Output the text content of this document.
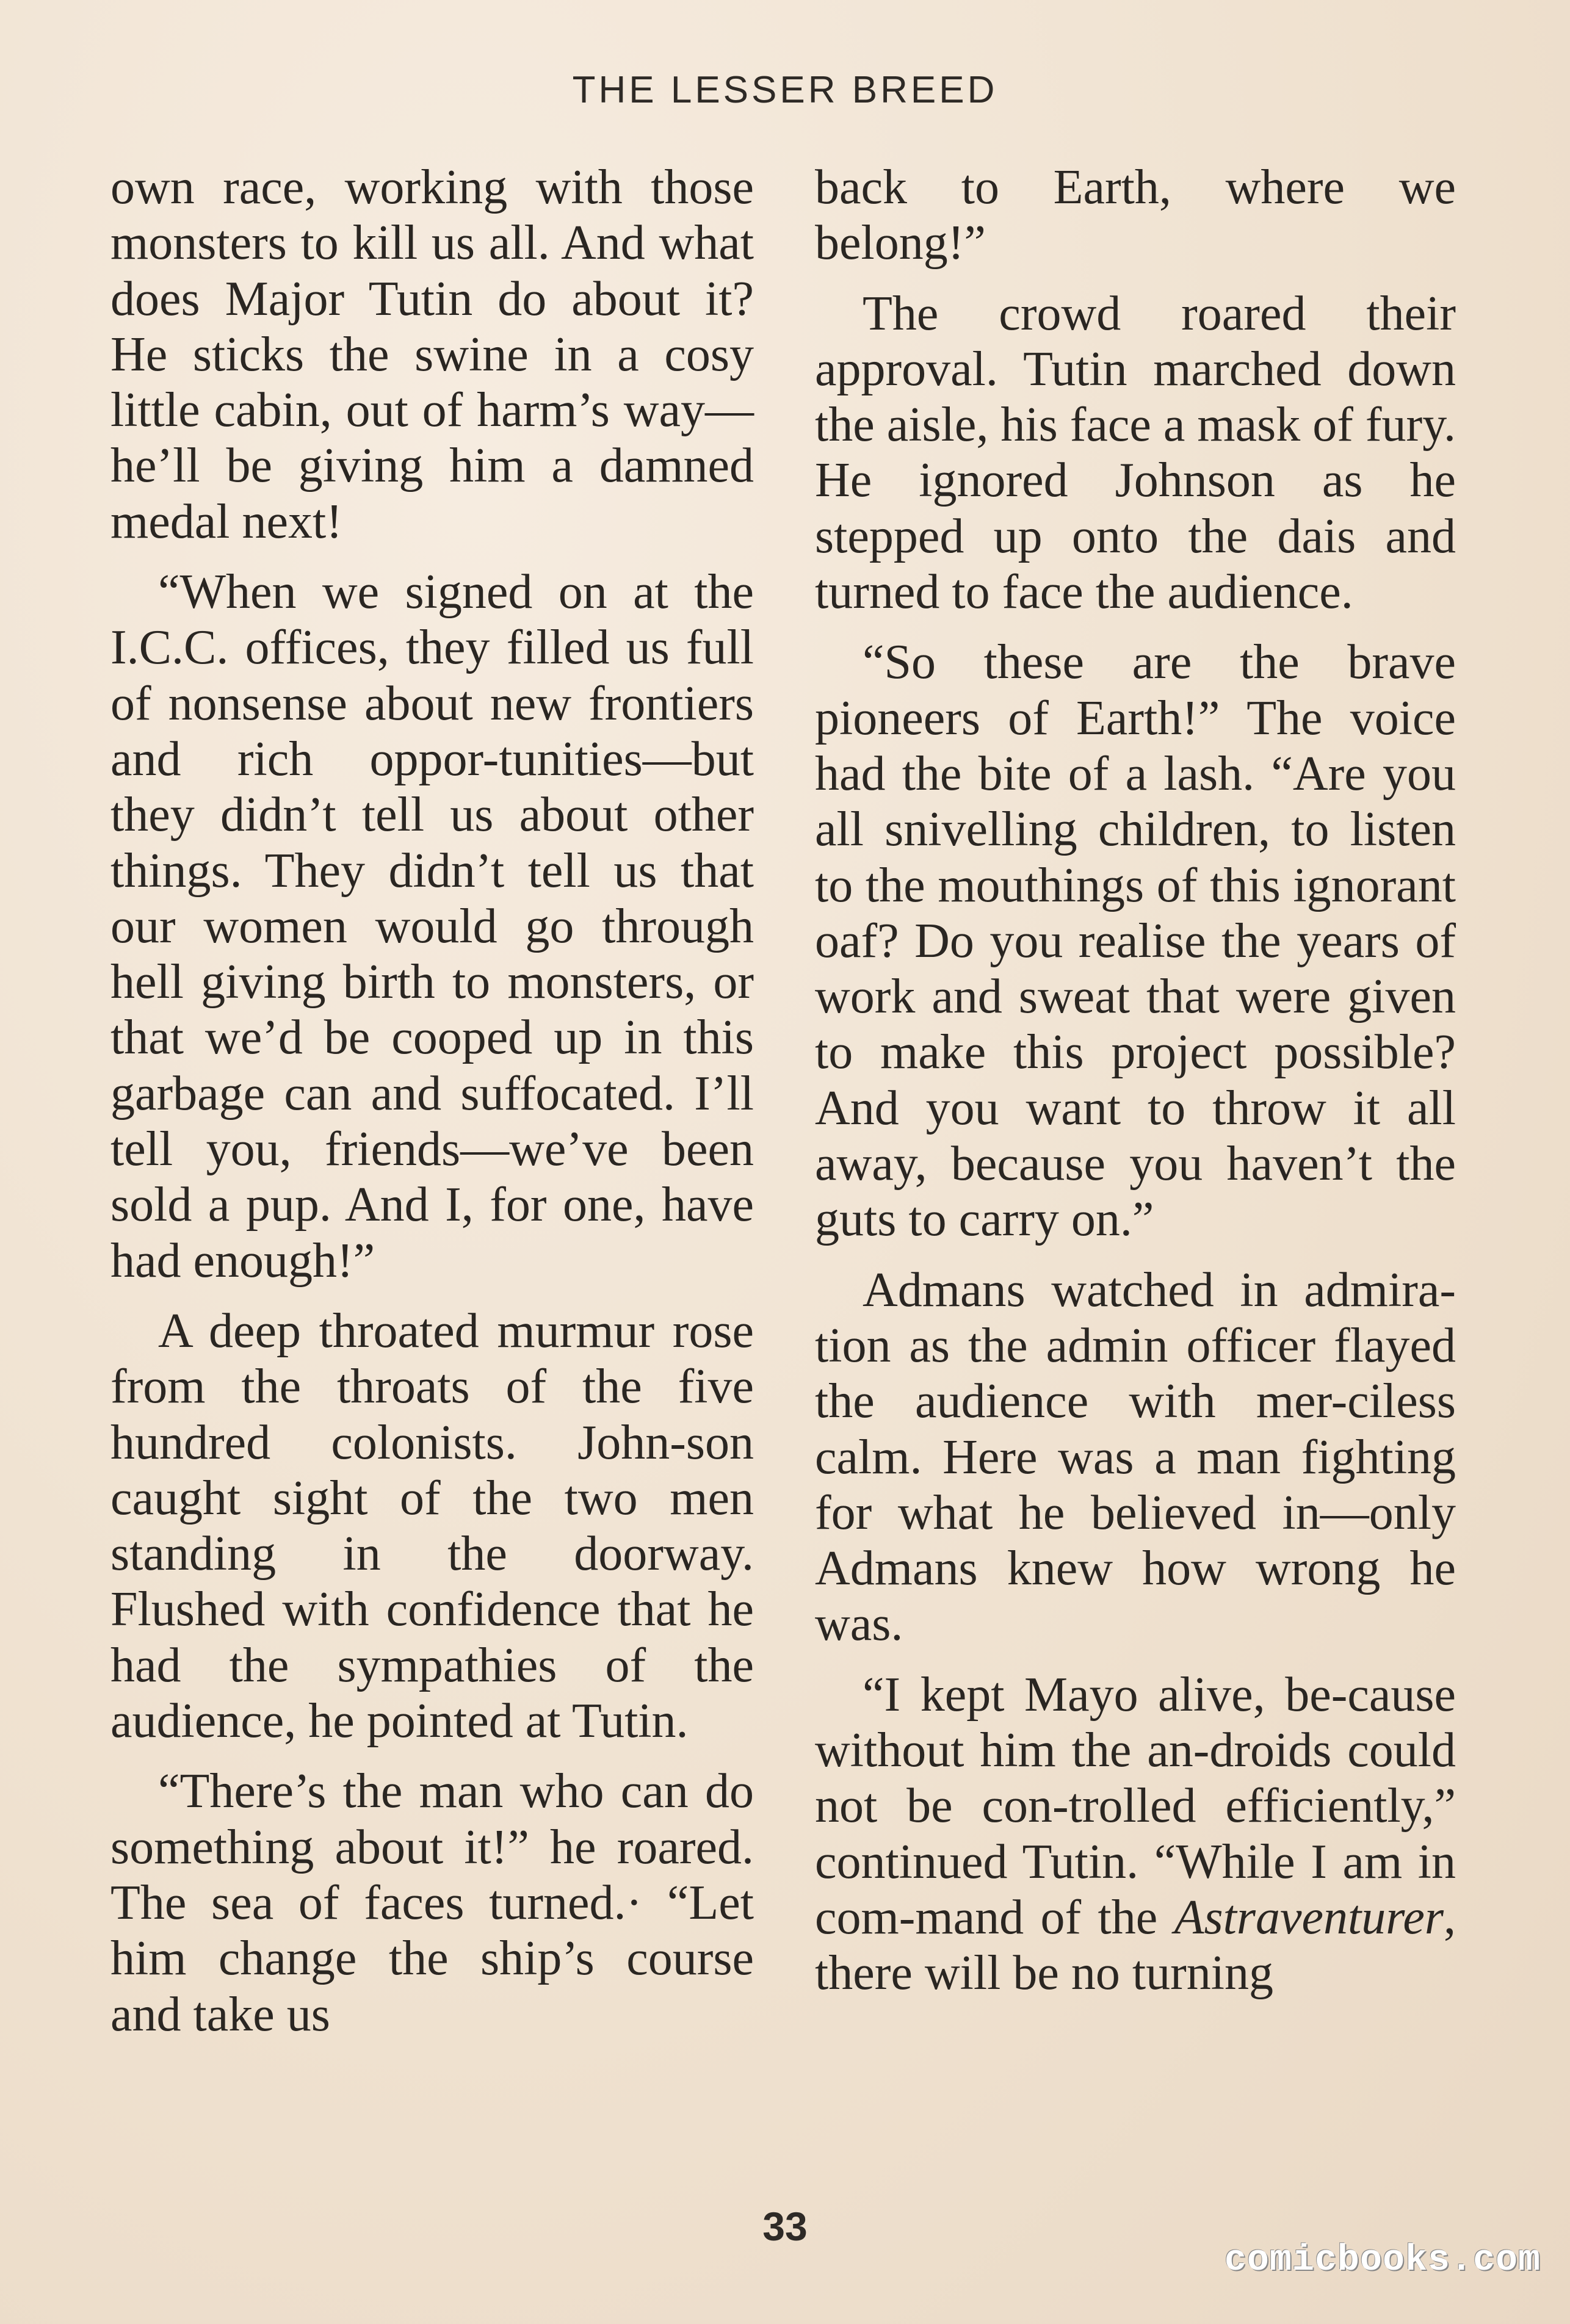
THE LESSER BREED

own race, working with those monsters to kill us all. And what does Major Tutin do about it? He sticks the swine in a cosy little cabin, out of harm’s way—he’ll be giving him a damned medal next!

“When we signed on at the I.C.C. offices, they filled us full of nonsense about new frontiers and rich oppor-tunities—but they didn’t tell us about other things. They didn’t tell us that our women would go through hell giving birth to monsters, or that we’d be cooped up in this garbage can and suffocated. I’ll tell you, friends—we’ve been sold a pup. And I, for one, have had enough!”

A deep throated murmur rose from the throats of the five hundred colonists. John-son caught sight of the two men standing in the doorway. Flushed with confidence that he had the sympathies of the audience, he pointed at Tutin.

“There’s the man who can do something about it!” he roared. The sea of faces turned.· “Let him change the ship’s course and take us

back to Earth, where we belong!”

The crowd roared their approval. Tutin marched down the aisle, his face a mask of fury. He ignored Johnson as he stepped up onto the dais and turned to face the audience.

“So these are the brave pioneers of Earth!” The voice had the bite of a lash. “Are you all snivelling children, to listen to the mouthings of this ignorant oaf? Do you realise the years of work and sweat that were given to make this project possible? And you want to throw it all away, because you haven’t the guts to carry on.”

Admans watched in admira-tion as the admin officer flayed the audience with mer-ciless calm. Here was a man fighting for what he believed in—only Admans knew how wrong he was.

“I kept Mayo alive, be-cause without him the an-droids could not be con-trolled efficiently,” continued Tutin. “While I am in com-mand of the Astraventurer, there will be no turning

33
comicbooks.com
